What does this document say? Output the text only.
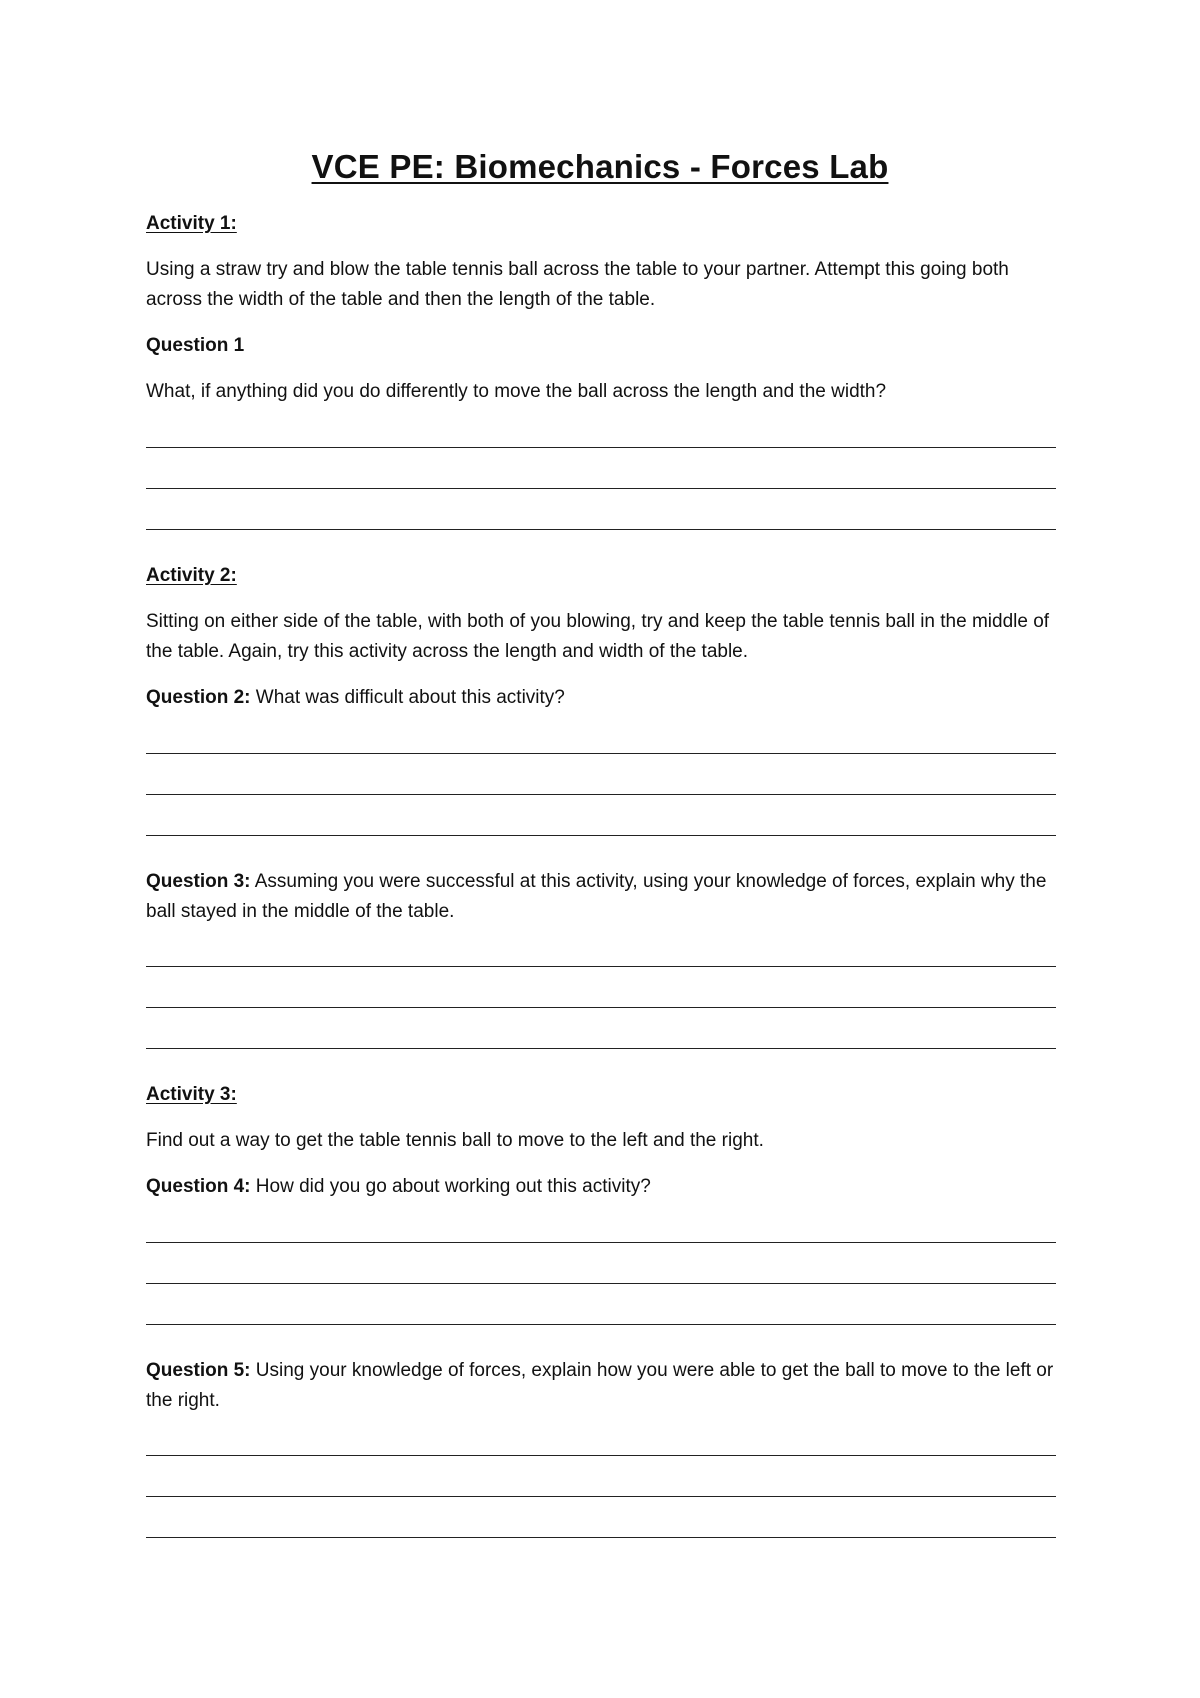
VCE PE: Biomechanics - Forces Lab
Activity 1:
Using a straw try and blow the table tennis ball across the table to your partner. Attempt this going both across the width of the table and then the length of the table.
Question 1
What, if anything did you do differently to move the ball across the length and the width?
Activity 2:
Sitting on either side of the table, with both of you blowing, try and keep the table tennis ball in the middle of the table. Again, try this activity across the length and width of the table.
Question 2: What was difficult about this activity?
Question 3: Assuming you were successful at this activity, using your knowledge of forces, explain why the ball stayed in the middle of the table.
Activity 3:
Find out a way to get the table tennis ball to move to the left and the right.
Question 4: How did you go about working out this activity?
Question 5: Using your knowledge of forces, explain how you were able to get the ball to move to the left or the right.
